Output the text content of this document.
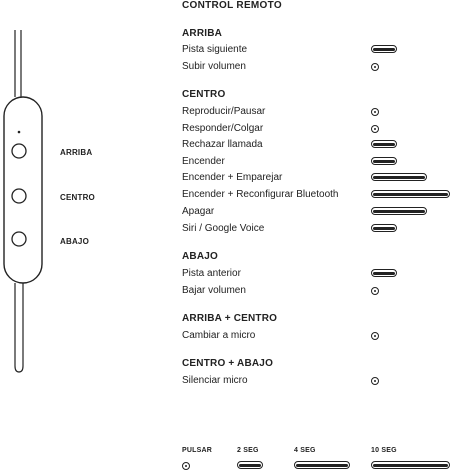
CONTROL REMOTO
ARRIBA
CENTRO
ABAJO
ARRIBA
Pista siguiente
Subir volumen
CENTRO
Reproducir/Pausar
Responder/Colgar
Rechazar llamada
Encender
Encender + Emparejar
Encender + Reconfigurar Bluetooth
Apagar
Siri / Google Voice
ABAJO
Pista anterior
Bajar volumen
ARRIBA + CENTRO
Cambiar a micro
CENTRO + ABAJO
Silenciar micro
PULSAR	2 SEG	4 SEG	10 SEG
